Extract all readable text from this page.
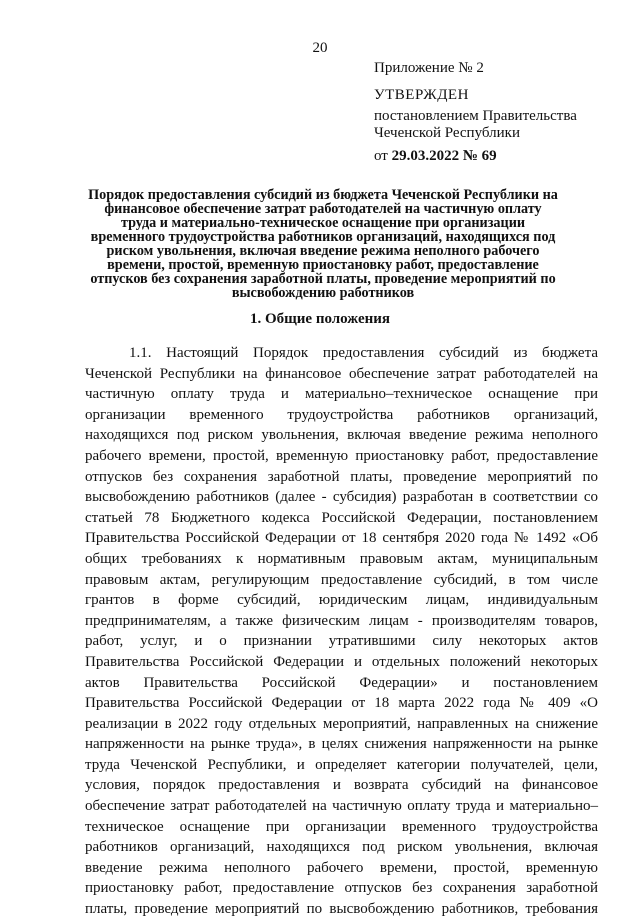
20
Приложение № 2
УТВЕРЖДЕН
постановлением Правительства
Чеченской Республики
от 29.03.2022 № 69
Порядок предоставления субсидий из бюджета Чеченской Республики на
финансовое обеспечение затрат работодателей на частичную оплату
труда и материально-техническое оснащение при организации
временного трудоустройства работников организаций, находящихся под
риском увольнения, включая введение режима неполного рабочего
времени, простой, временную приостановку работ, предоставление
отпусков без сохранения заработной платы, проведение мероприятий по
высвобождению работников
1. Общие положения
1.1. Настоящий Порядок предоставления субсидий из бюджета
Чеченской Республики на финансовое обеспечение затрат работодателей на
частичную оплату труда и материально–техническое оснащение при
организации временного трудоустройства работников организаций,
находящихся под риском увольнения, включая введение режима неполного
рабочего времени, простой, временную приостановку работ, предоставление
отпусков без сохранения заработной платы, проведение мероприятий по
высвобождению работников (далее - субсидия) разработан в соответствии со
статьей 78 Бюджетного кодекса Российской Федерации, постановлением
Правительства Российской Федерации от 18 сентября 2020 года № 1492 «Об
общих требованиях к нормативным правовым актам, муниципальным
правовым актам, регулирующим предоставление субсидий, в том числе
грантов в форме субсидий, юридическим лицам, индивидуальным
предпринимателям, а также физическим лицам - производителям товаров,
работ, услуг, и о признании утратившими силу некоторых актов
Правительства Российской Федерации и отдельных положений некоторых
актов Правительства Российской Федерации» и постановлением
Правительства Российской Федерации от 18 марта 2022 года № 409 «О
реализации в 2022 году отдельных мероприятий, направленных на снижение
напряженности на рынке труда», в целях снижения напряженности на рынке
труда Чеченской Республики, и определяет категории получателей, цели,
условия, порядок предоставления и возврата субсидий на финансовое
обеспечение затрат работодателей на частичную оплату труда и материально–
техническое оснащение при организации временного трудоустройства
работников организаций, находящихся под риском увольнения, включая
введение режима неполного рабочего времени, простой, временную
приостановку работ, предоставление отпусков без сохранения заработной
платы, проведение мероприятий по высвобождению работников, требования
